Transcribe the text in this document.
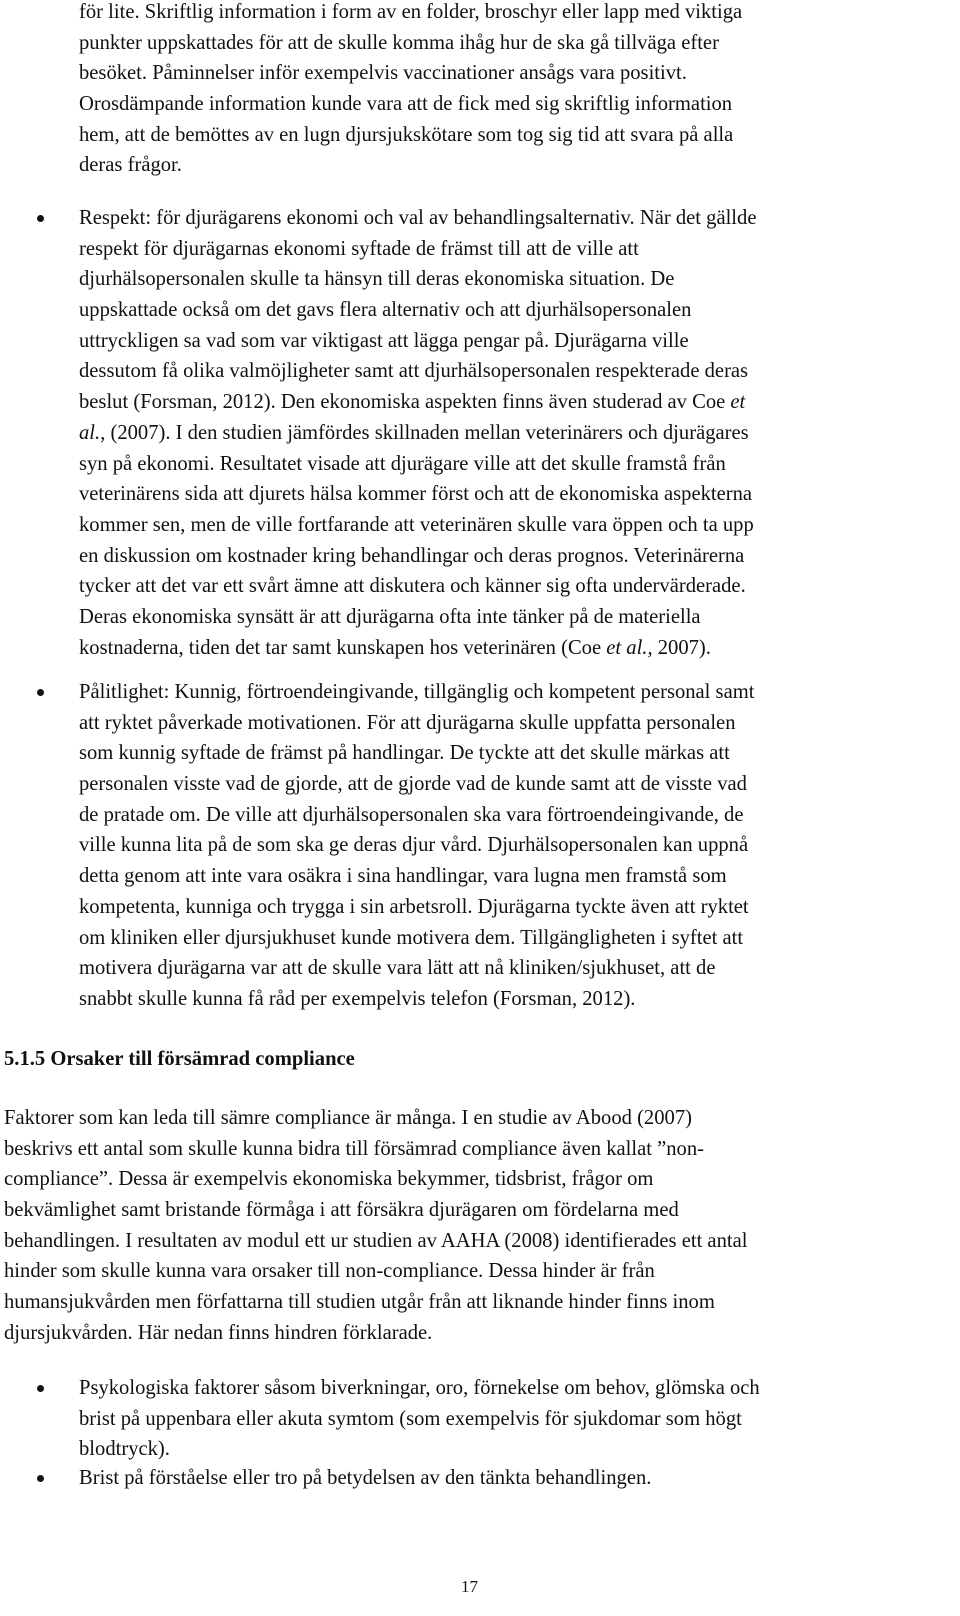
för lite. Skriftlig information i form av en folder, broschyr eller lapp med viktiga
punkter uppskattades för att de skulle komma ihåg hur de ska gå tillväga efter
besöket. Påminnelser inför exempelvis vaccinationer ansågs vara positivt.
Orosdämpande information kunde vara att de fick med sig skriftlig information
hem, att de bemöttes av en lugn djursjukskötare som tog sig tid att svara på alla
deras frågor.
Respekt: för djurägarens ekonomi och val av behandlingsalternativ. När det gällde
respekt för djurägarnas ekonomi syftade de främst till att de ville att
djurhälsopersonalen skulle ta hänsyn till deras ekonomiska situation. De
uppskattade också om det gavs flera alternativ och att djurhälsopersonalen
uttryckligen sa vad som var viktigast att lägga pengar på. Djurägarna ville
dessutom få olika valmöjligheter samt att djurhälsopersonalen respekterade deras
beslut (Forsman, 2012). Den ekonomiska aspekten finns även studerad av Coe et
al., (2007). I den studien jämfördes skillnaden mellan veterinärers och djurägares
syn på ekonomi. Resultatet visade att djurägare ville att det skulle framstå från
veterinärens sida att djurets hälsa kommer först och att de ekonomiska aspekterna
kommer sen, men de ville fortfarande att veterinären skulle vara öppen och ta upp
en diskussion om kostnader kring behandlingar och deras prognos. Veterinärerna
tycker att det var ett svårt ämne att diskutera och känner sig ofta undervärderade.
Deras ekonomiska synsätt är att djurägarna ofta inte tänker på de materiella
kostnaderna, tiden det tar samt kunskapen hos veterinären (Coe et al., 2007).
Pålitlighet: Kunnig, förtroendeingivande, tillgänglig och kompetent personal samt
att ryktet påverkade motivationen. För att djurägarna skulle uppfatta personalen
som kunnig syftade de främst på handlingar. De tyckte att det skulle märkas att
personalen visste vad de gjorde, att de gjorde vad de kunde samt att de visste vad
de pratade om. De ville att djurhälsopersonalen ska vara förtroendeingivande, de
ville kunna lita på de som ska ge deras djur vård. Djurhälsopersonalen kan uppnå
detta genom att inte vara osäkra i sina handlingar, vara lugna men framstå som
kompetenta, kunniga och trygga i sin arbetsroll. Djurägarna tyckte även att ryktet
om kliniken eller djursjukhuset kunde motivera dem. Tillgängligheten i syftet att
motivera djurägarna var att de skulle vara lätt att nå kliniken/sjukhuset, att de
snabbt skulle kunna få råd per exempelvis telefon (Forsman, 2012).
5.1.5 Orsaker till försämrad compliance
Faktorer som kan leda till sämre compliance är många. I en studie av Abood (2007)
beskrivs ett antal som skulle kunna bidra till försämrad compliance även kallat ”non-
compliance”. Dessa är exempelvis ekonomiska bekymmer, tidsbrist, frågor om
bekvämlighet samt bristande förmåga i att försäkra djurägaren om fördelarna med
behandlingen. I resultaten av modul ett ur studien av AAHA (2008) identifierades ett antal
hinder som skulle kunna vara orsaker till non-compliance. Dessa hinder är från
humansjukvården men författarna till studien utgår från att liknande hinder finns inom
djursjukvården. Här nedan finns hindren förklarade.
Psykologiska faktorer såsom biverkningar, oro, förnekelse om behov, glömska och
brist på uppenbara eller akuta symtom (som exempelvis för sjukdomar som högt
blodtryck).
Brist på förståelse eller tro på betydelsen av den tänkta behandlingen.
17
